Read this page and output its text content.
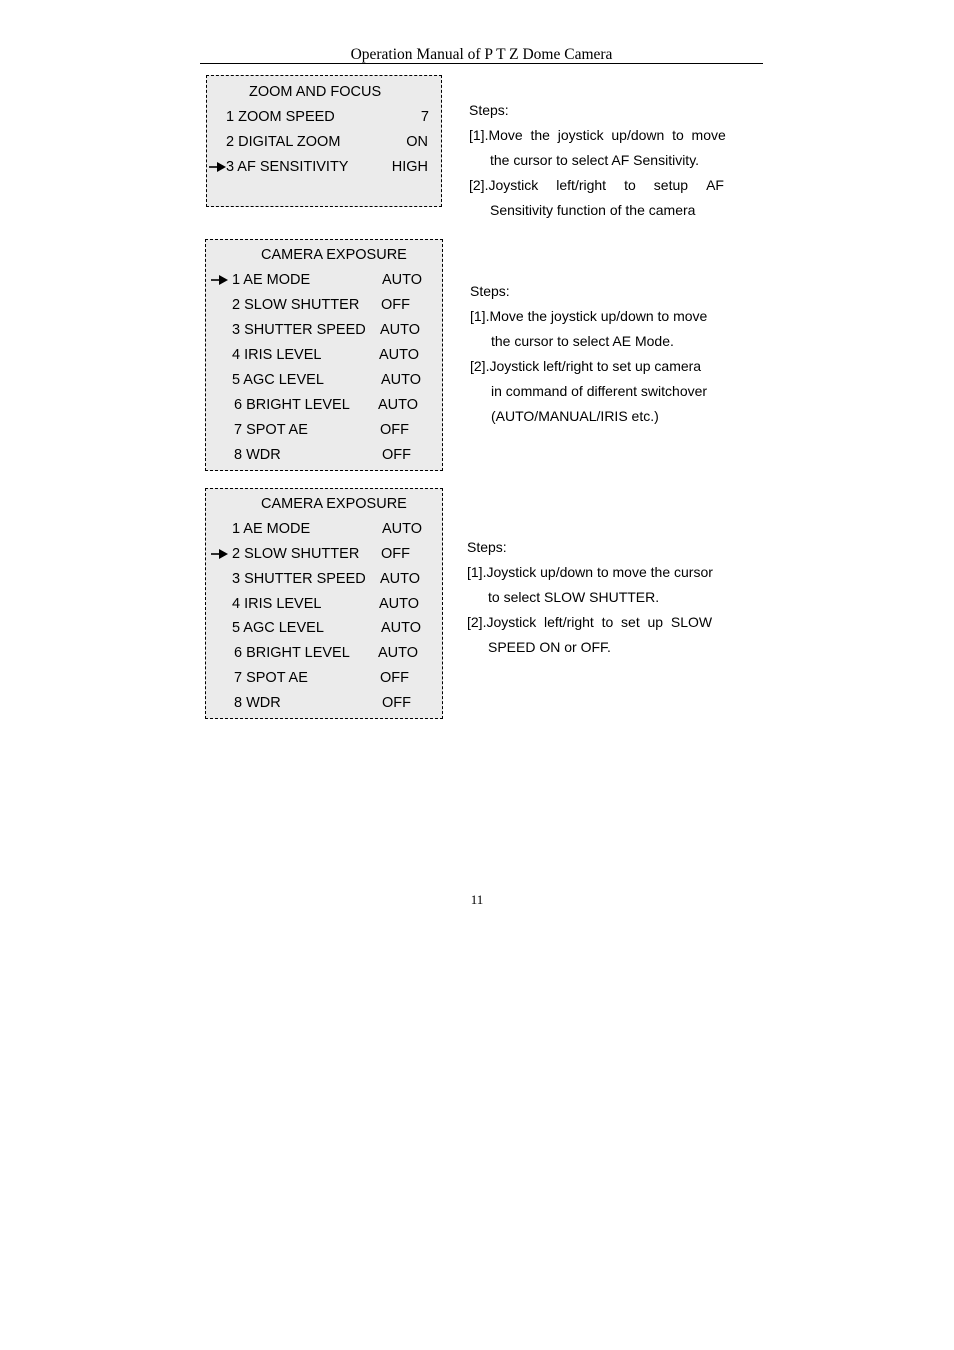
Operation Manual of P T Z Dome Camera
ZOOM AND FOCUS
1 ZOOM SPEED	7
2 DIGITAL ZOOM	ON
3 AF SENSITIVITY	HIGH
CAMERA EXPOSURE
1 AE MODE	AUTO
2 SLOW SHUTTER OFF
3 SHUTTER SPEED AUTO
4 IRIS LEVEL	AUTO
5 AGC LEVEL	AUTO
6 BRIGHT LEVEL AUTO
7 SPOT AE	OFF
8 WDR	OFF
CAMERA EXPOSURE
1 AE MODE	AUTO
2 SLOW SHUTTER OFF
3 SHUTTER SPEED AUTO
4 IRIS LEVEL	AUTO
5 AGC LEVEL	AUTO
6 BRIGHT LEVEL AUTO
7 SPOT AE	OFF
8 WDR	OFF

Steps:

[1].Move  the  joystick  up/down  to  move

the cursor to select AF Sensitivity.

[2].Joystick left/right to setup AF

Sensitivity function of the camera

Steps:

[1].Move the joystick up/down to move

the cursor to select AE Mode.

[2].Joystick left/right to set up camera

in command of different switchover

(AUTO/MANUAL/IRIS etc.)

Steps:

[1].Joystick up/down to move the cursor

to select SLOW SHUTTER.

[2].Joystick  left/right  to  set  up  SLOW

SPEED ON or OFF.

11
